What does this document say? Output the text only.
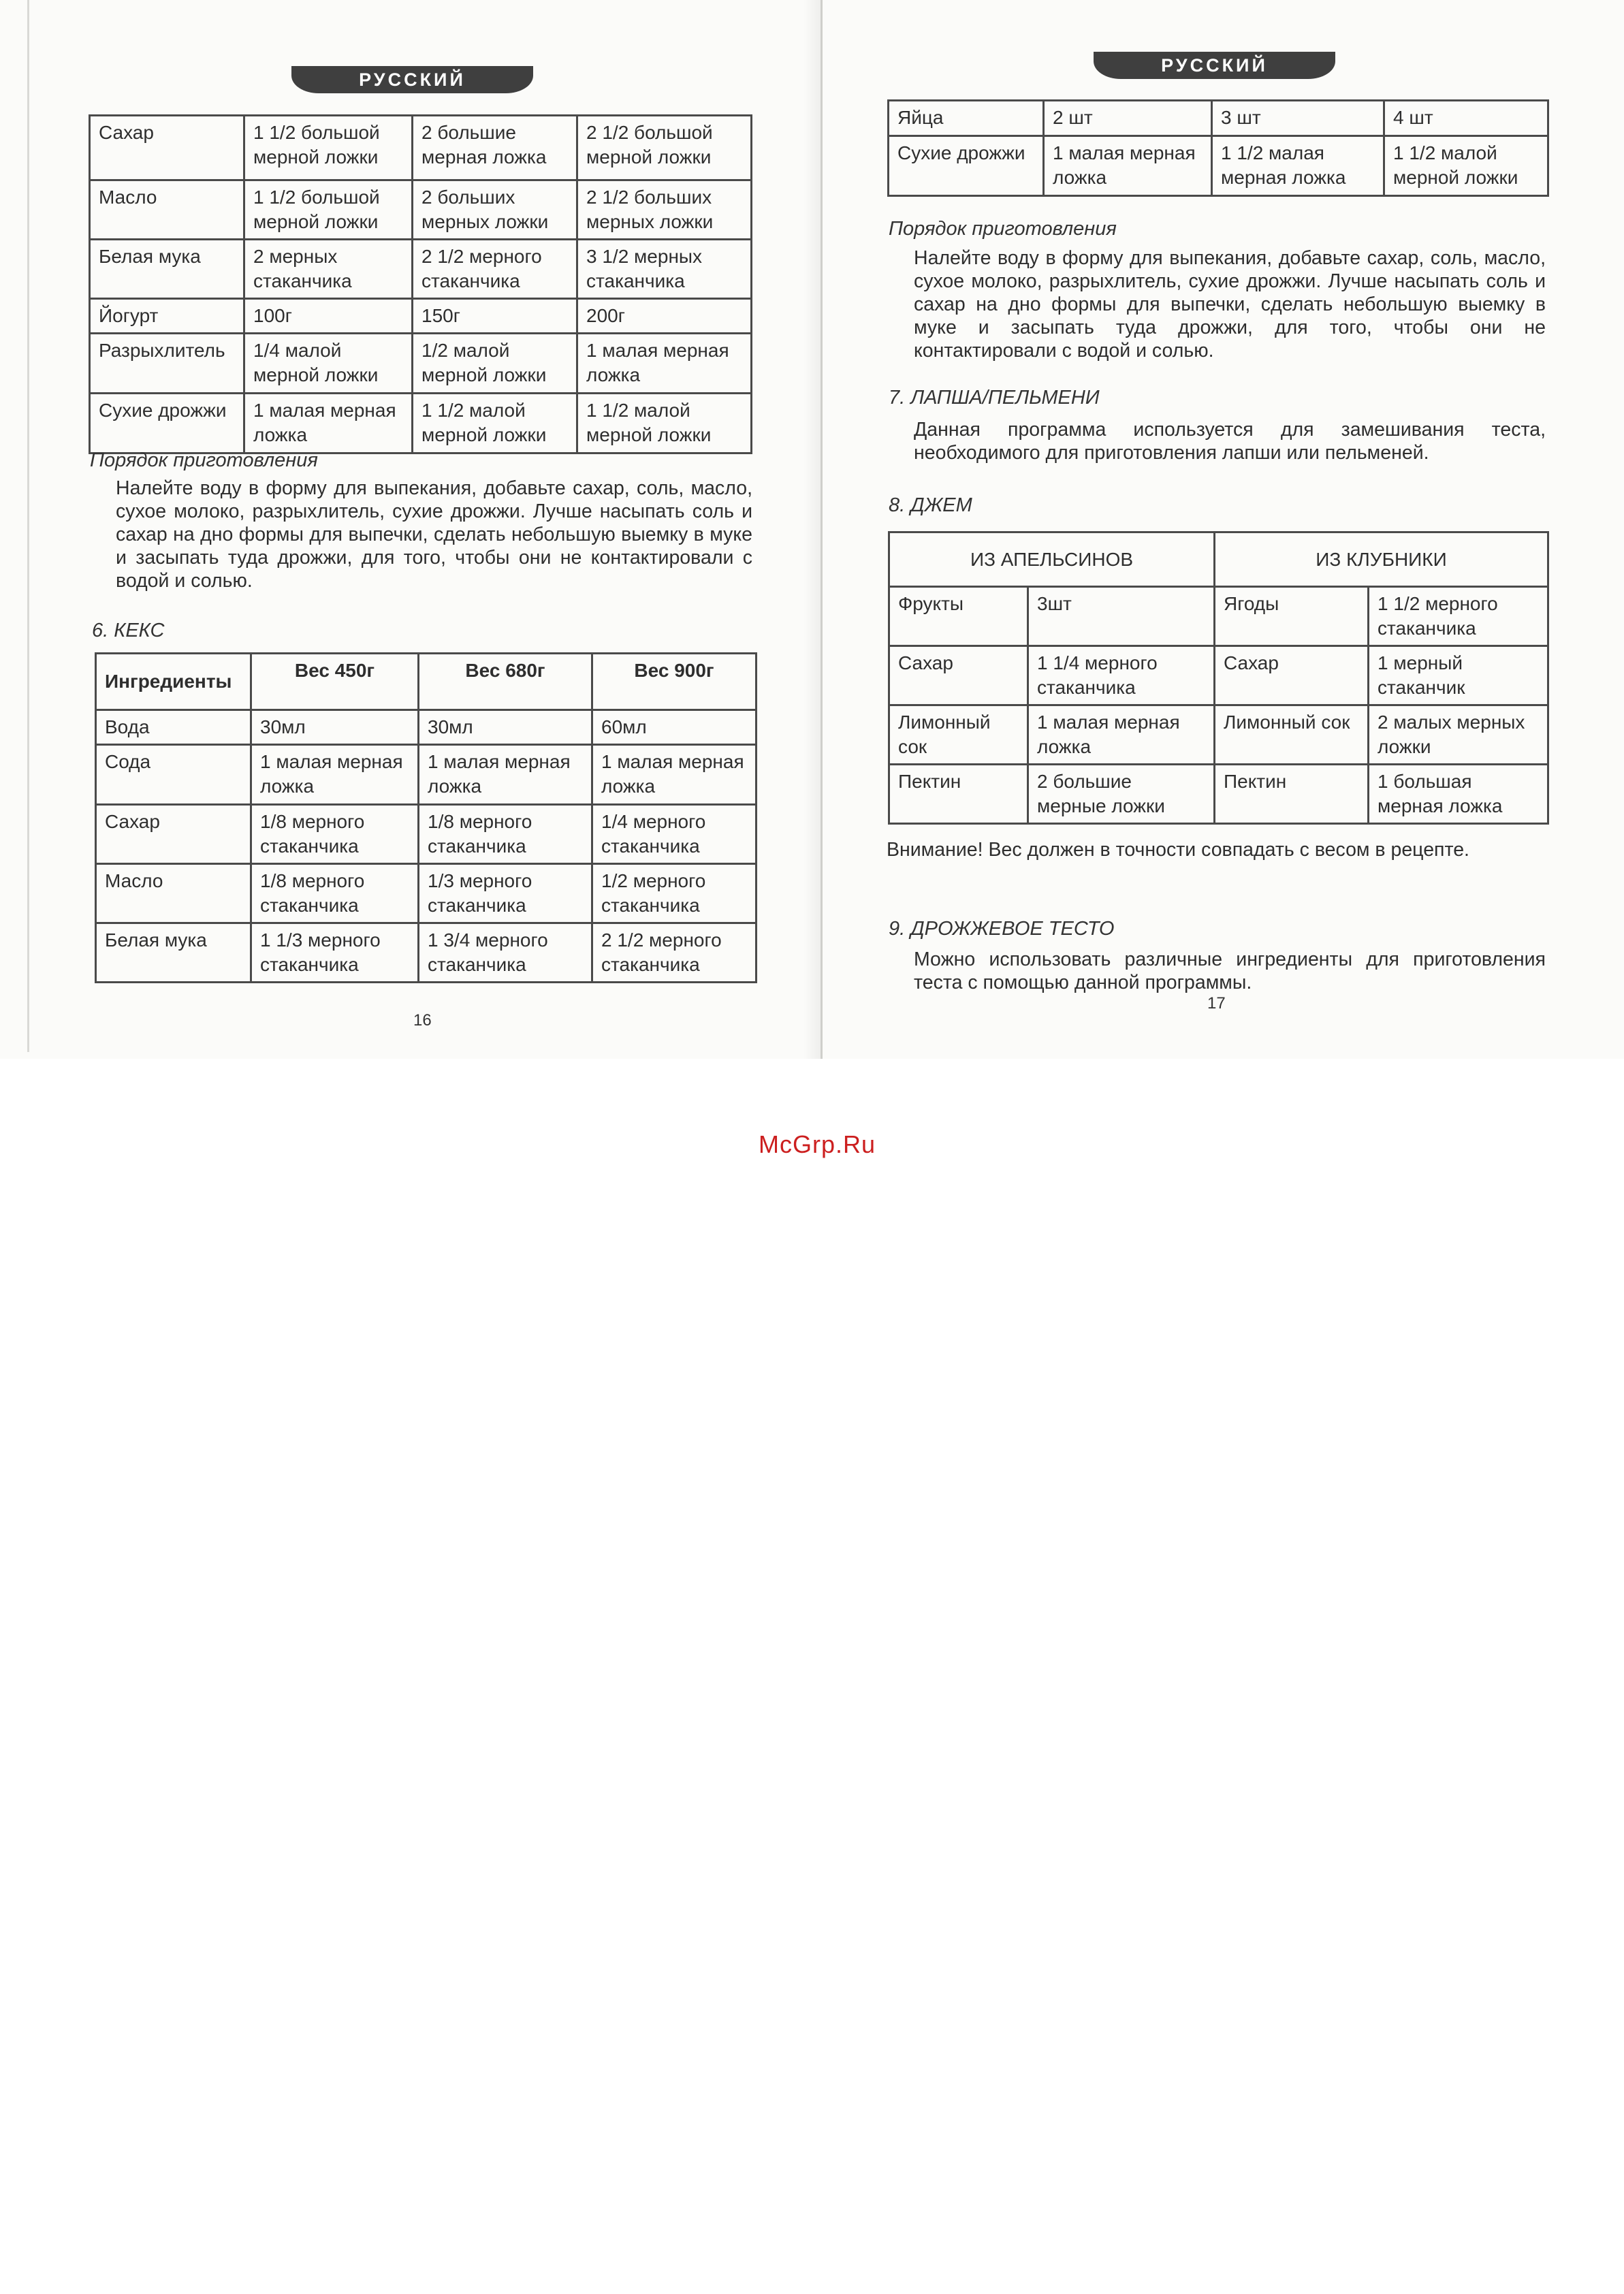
РУССКИЙ
Сахар	1 1/2 большой мерной ложки	2 большие мерная ложка	2 1/2 большой мерной ложки
Масло	1 1/2 большой мерной ложки	2 больших мерных ложки	2 1/2 больших мерных ложки
Белая мука	2 мерных стаканчика	2 1/2 мерного стаканчика	3 1/2 мерных стаканчика
Йогурт	100г	150г	200г
Разрыхлитель	1/4 малой мерной ложки	1/2 малой мерной ложки	1 малая мерная ложка
Сухие дрожжи	1 малая мерная ложка	1 1/2 малой мерной ложки	1 1/2 малой мерной ложки
Порядок приготовления
Налейте воду в форму для выпекания, добавьте сахар, соль, масло, сухое молоко, разрыхлитель, сухие дрожжи. Лучше насыпать соль и сахар на дно формы для выпечки, сделать небольшую выемку в муке и засыпать туда дрожжи, для того, чтобы они не контактировали с водой и солью.
6. КЕКС
Ингредиенты	Вес 450г	Вес 680г	Вес 900г
Вода	30мл	30мл	60мл
Сода	1 малая мерная ложка	1 малая мерная ложка	1 малая мерная ложка
Сахар	1/8 мерного стаканчика	1/8 мерного стаканчика	1/4 мерного стаканчика
Масло	1/8 мерного стаканчика	1/3 мерного стаканчика	1/2 мерного стаканчика
Белая мука	1 1/3 мерного стаканчика	1 3/4 мерного стаканчика	2 1/2 мерного стаканчика
16
РУССКИЙ
Яйца	2 шт	3 шт	4 шт
Сухие дрожжи	1 малая мерная ложка	1 1/2 малая мерная ложка	1 1/2 малой мерной ложки
Порядок приготовления
Налейте воду в форму для выпекания, добавьте сахар, соль, масло, сухое молоко, разрыхлитель, сухие дрожжи. Лучше насыпать соль и сахар на дно формы для выпечки, сделать небольшую выемку в муке и засыпать туда дрожжи, для того, чтобы они не контактировали с водой и солью.
7. ЛАПША/ПЕЛЬМЕНИ
Данная программа используется для замешивания теста, необходимого для приготовления лапши или пельменей.
8. ДЖЕМ
ИЗ АПЕЛЬСИНОВ		ИЗ КЛУБНИКИ	
Фрукты	3шт	Ягоды	1 1/2 мерного стаканчика
Сахар	1 1/4 мерного стаканчика	Сахар	1 мерный стаканчик
Лимонный сок	1 малая мерная ложка	Лимонный сок	2 малых мерных ложки
Пектин	2 большие мерные ложки	Пектин	1 большая мерная ложка
Внимание! Вес должен в точности совпадать с весом в рецепте.
9. ДРОЖЖЕВОЕ ТЕСТО
Можно использовать различные ингредиенты для приготовления теста с помощью данной программы.
17
McGrp.Ru
